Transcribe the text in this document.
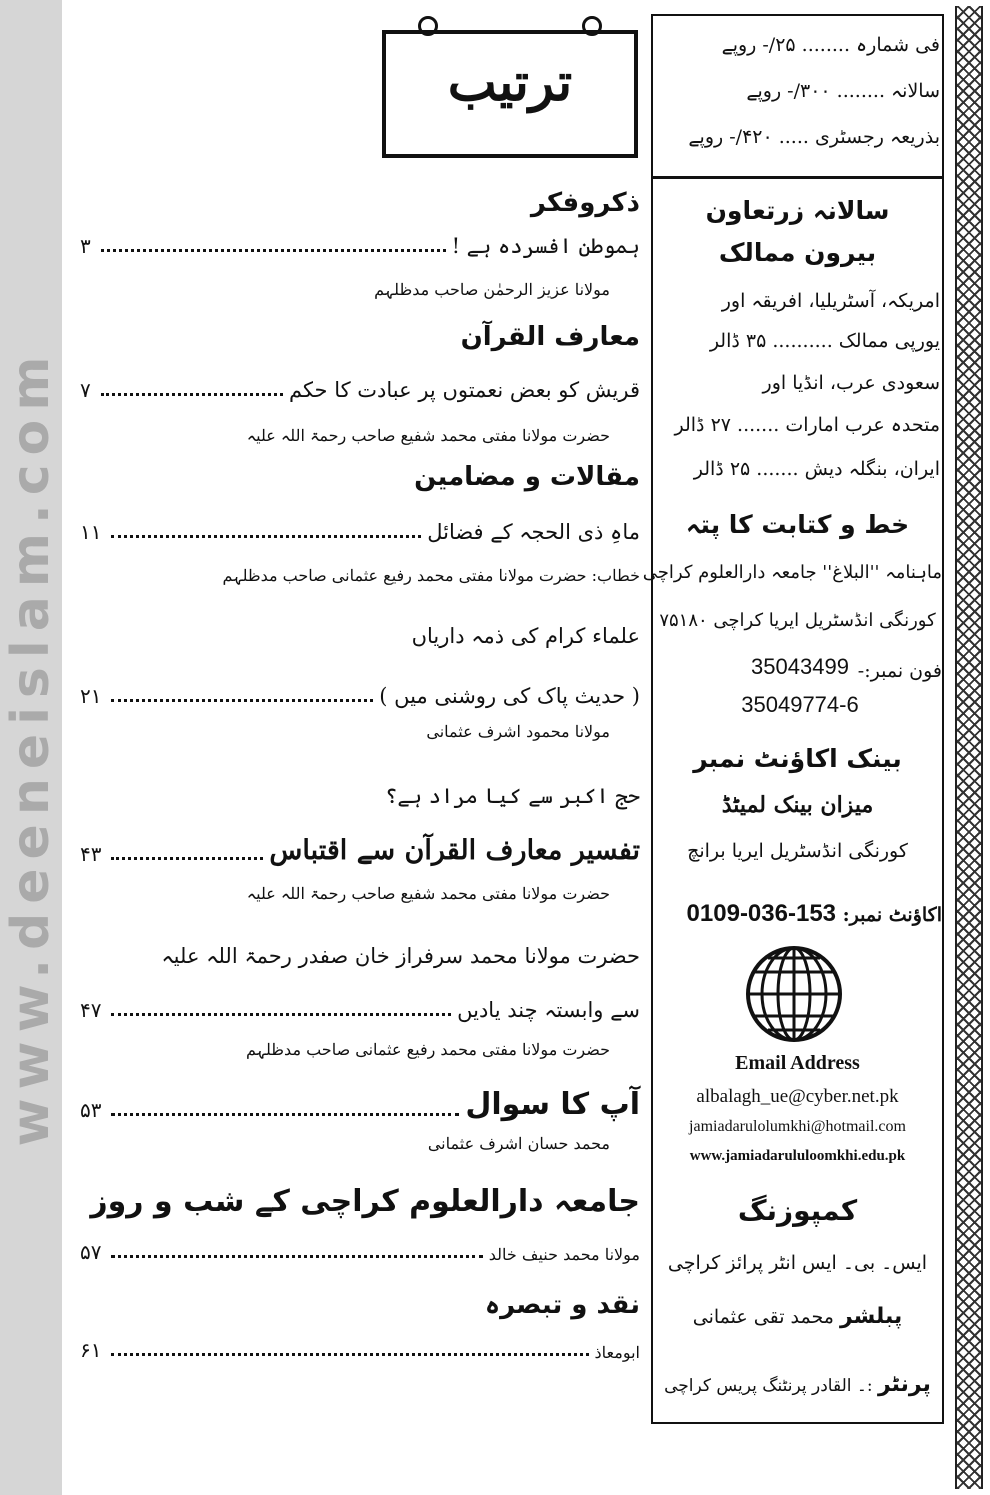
www.deeneislam.com
ترتیب
ذکروفکر
ہموطن افسردہ ہے !
۳
مولانا عزیز الرحمٰن صاحب مدظلہم
معارف القرآن
قریش کو بعض نعمتوں پر عبادت کا حکم
۷
حضرت مولانا مفتی محمد شفیع صاحب رحمۃ اللہ علیہ
مقالات و مضامین
ماہِ ذی الحجہ کے فضائل
۱۱
خطاب: حضرت مولانا مفتی محمد رفیع عثمانی صاحب مدظلہم
علماء کرام کی ذمہ داریاں
( حدیث پاک کی روشنی میں )
۲۱
مولانا محمود اشرف عثمانی
حج اکبر سے کیا مراد ہے؟
تفسیر معارف القرآن سے اقتباس
۴۳
حضرت مولانا مفتی محمد شفیع صاحب رحمۃ اللہ علیہ
حضرت مولانا محمد سرفراز خان صفدر رحمۃ اللہ علیہ
سے وابستہ چند یادیں
۴۷
حضرت مولانا مفتی محمد رفیع عثمانی صاحب مدظلہم
آپ کا سوال
۵۳
محمد حسان اشرف عثمانی
جامعہ دارالعلوم کراچی کے شب و روز
مولانا محمد حنیف خالد
۵۷
نقد و تبصرہ
ابومعاذ
۶۱
فی شمارہ ........ ۲۵/- روپے
سالانہ ........ ۳۰۰/- روپے
بذریعہ رجسٹری ..... ۴۲۰/- روپے
سالانہ زرتعاون
بیرون ممالک
امریکہ، آسٹریلیا، افریقہ اور
یورپی ممالک .......... ۳۵ ڈالر
سعودی عرب، انڈیا اور
متحدہ عرب امارات ....... ۲۷ ڈالر
ایران، بنگلہ دیش ....... ۲۵ ڈالر
خط و کتابت کا پتہ
ماہنامہ ''البلاغ'' جامعہ دارالعلوم کراچی
کورنگی انڈسٹریل ایریا کراچی ۷۵۱۸۰
فون نمبر:-
35043499
35049774-6
بینک اکاؤنٹ نمبر
میزان بینک لمیٹڈ
کورنگی انڈسٹریل ایریا برانچ
اکاؤنٹ نمبر: 0109-036-153
Email Address
albalagh_ue@cyber.net.pk
jamiadarulolumkhi@hotmail.com
www.jamiadarululoomkhi.edu.pk
کمپوزنگ
ایس۔ بی۔ ایس انٹر پرائز کراچی
پبلشر محمد تقی عثمانی
پرنٹر :۔ القادر پرنٹنگ پریس کراچی
